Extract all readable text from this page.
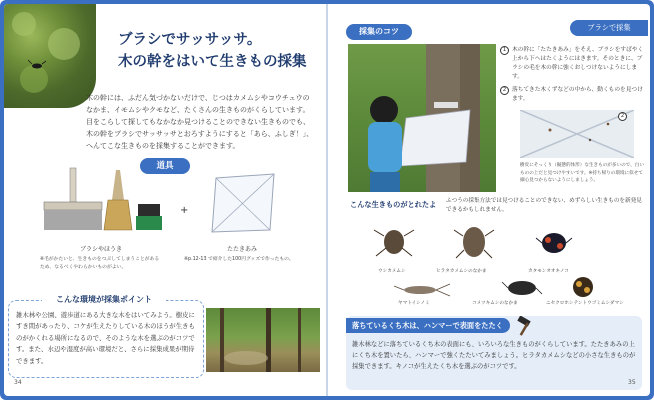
ブラシでサッサッサ。
木の幹をはいて生きもの採集
木の幹には、ふだん気づかないだけで、じつはカメムシやコウチュウのなかま、イモムシやクモなど、たくさんの生きものがくらしています。目をこらして探してもなかなか見つけることのできない生きものでも、木の幹をブラシでサッサッサとおろすようにすると「あら、ふしぎ！」、へんてこな生きものを採集することができます。
道具
ブラシやほうき
※毛がかたいと、生きものをつぶしてしまうことがあるため、なるべくやわらかいものがよい。
+
たたきあみ
※p.12-13 で紹介した100円グッズで作ったもの。
こんな環境が採集ポイント
雑木林や公園、遊歩道にある大きな木をはいてみよう。樹皮にすき間があったり、コケが生えたりしている木のほうが生きものがかくれる場所になるので、そのような木を選ぶのがコツです。また、水辺や湿度が高い環境だと、さらに採集成果が期待できます。
34
ブラシで採集
採集のコツ
1	木の幹に「たたきあみ」をそえ、ブラシをすばやく上から下へはたくようにはきます。そのときに、ブラシの毛を木の幹に強くおしつけないようにします。
2	落ちてきた木くずなどの中から、動くものを見つけます。
2
樹皮にそっくり（擬態的体形）な生きものが多いので、白いものの上だと見つけやすいです。※持ち帰りの環境に似せて細心見つからないようにしましょう。
こんな生きものがとれたよ	ふつうの採集方法では見つけることのできない、めずらしい生きものを新発見できるかもしれません。
ウシカメムシ	ヒラタカメムシのなかま	カタモンオオキノコ
ヤマトイシノミ	コメツキムシのなかま	ニセクロホシテントウゴミムシダマシ
落ちているくち木は、ハンマーで表面をたたく
雑木林などに落ちているくち木の表面にも、いろいろな生きものがくらしています。たたきあみの上にくち木を置いたら、ハンマーで強くたたいてみましょう。ヒラタカメムシなどの小さな生きものが採集できます。キノコが生えたくち木を選ぶのがコツです。
35
